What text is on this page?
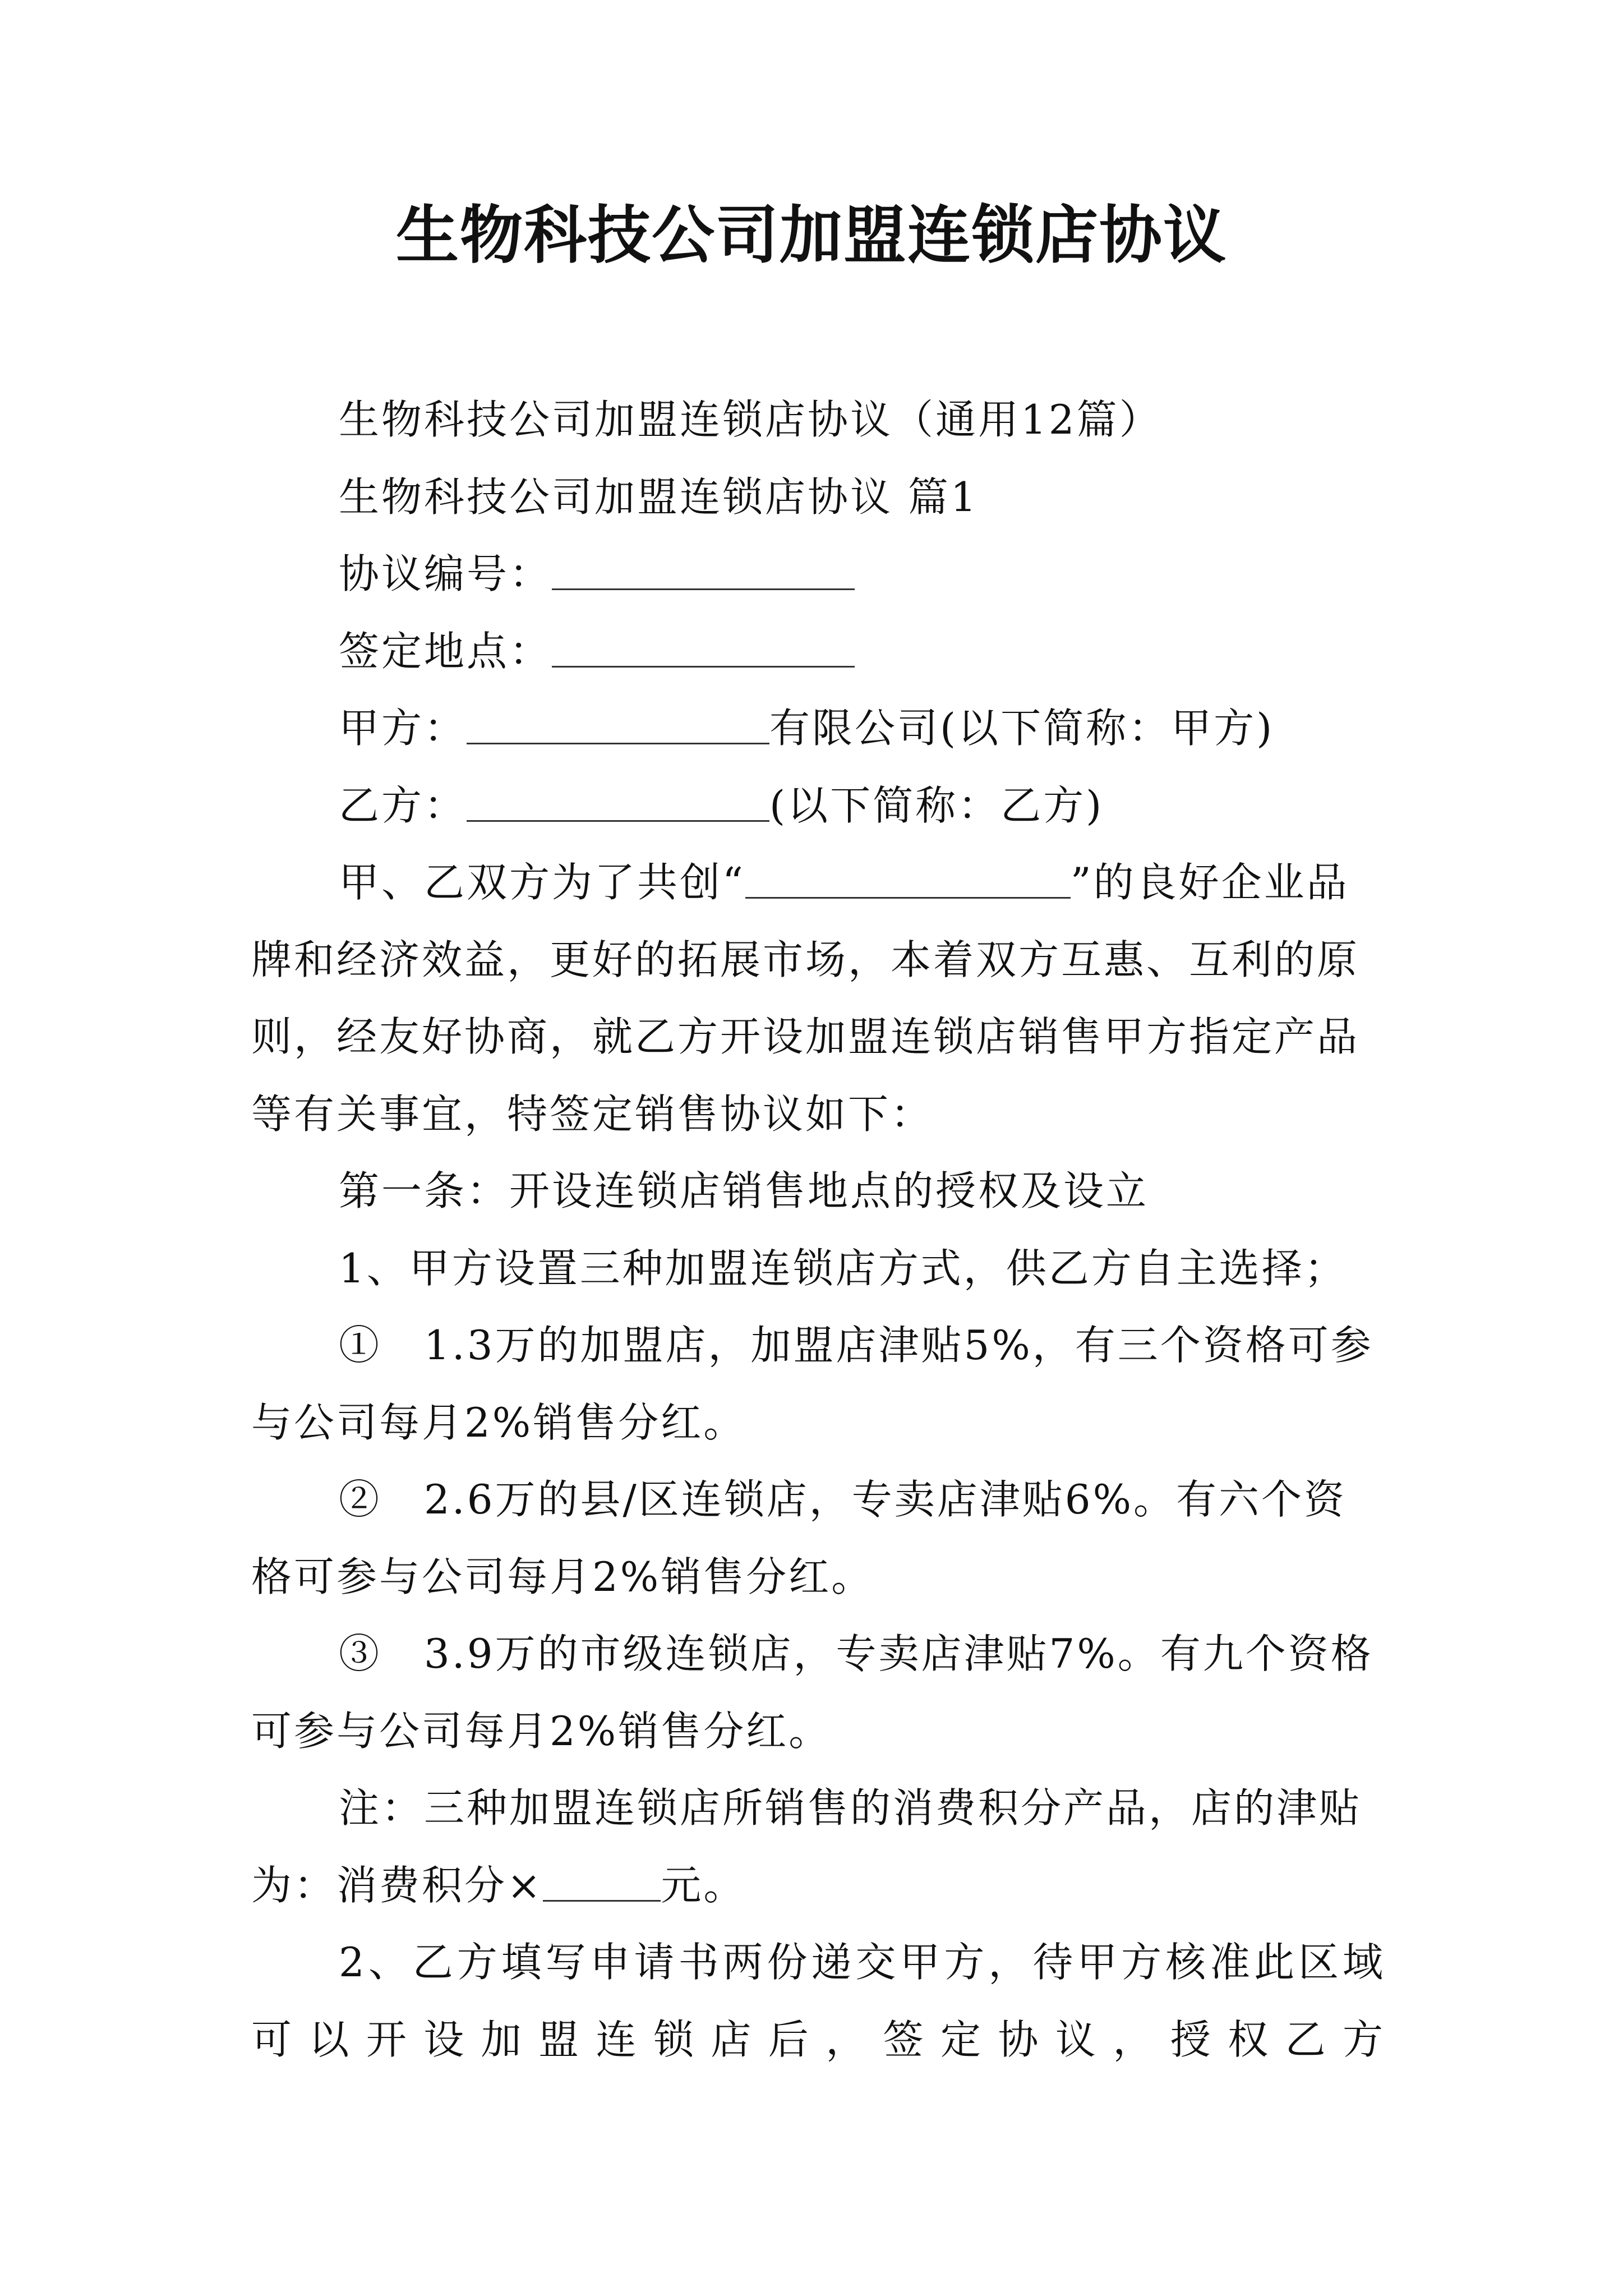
生物科技公司加盟连锁店协议

生物科技公司加盟连锁店协议（通用12篇）

生物科技公司加盟连锁店协议 篇1

协议编号：

签定地点：

甲方：	有限公司(以下简称：甲方)

乙方：	(以下简称：乙方)

甲、乙双方为了共创“	”的良好企业品牌和经济效益，更好的拓展市场，本着双方互惠、互利的原则，经友好协商，就乙方开设加盟连锁店销售甲方指定产品等有关事宜，特签定销售协议如下：

第一条：开设连锁店销售地点的授权及设立

1、甲方设置三种加盟连锁店方式，供乙方自主选择；

①　1.3万的加盟店，加盟店津贴5%，有三个资格可参与公司每月2%销售分红。

②　2.6万的县/区连锁店，专卖店津贴6%。有六个资格可参与公司每月2%销售分红。

③　3.9万的市级连锁店，专卖店津贴7%。有九个资格可参与公司每月2%销售分红。

注：三种加盟连锁店所销售的消费积分产品，店的津贴为：消费积分×	元。

2、乙方填写申请书两份递交甲方，待甲方核准此区域可以开设加盟连锁店后，签定协议，授权乙方
